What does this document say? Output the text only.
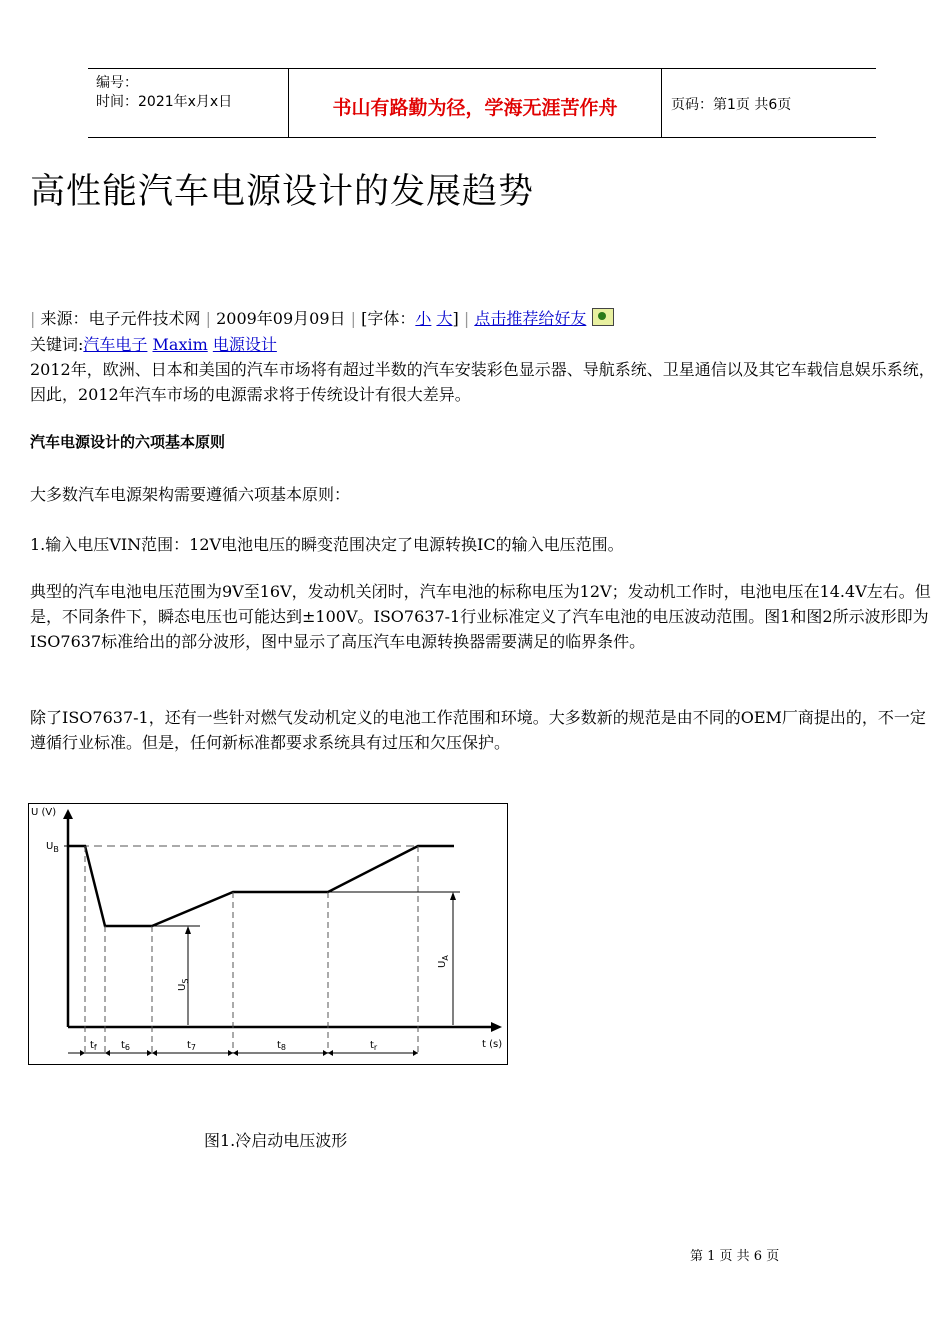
编号：
时间：2021年x月x日	书山有路勤为径，学海无涯苦作舟	页码：第1页 共6页
高性能汽车电源设计的发展趋势
| 来源：电子元件技术网 | 2009年09月09日 | [字体：小 大] | 点击推荐给好友
关键词:汽车电子 Maxim 电源设计

2012年，欧洲、日本和美国的汽车市场将有超过半数的汽车安装彩色显示器、导航系统、卫星通信以及其它车载信息娱乐系统，因此，2012年汽车市场的电源需求将于传统设计有很大差异。

汽车电源设计的六项基本原则

大多数汽车电源架构需要遵循六项基本原则：

1.输入电压VIN范围：12V电池电压的瞬变范围决定了电源转换IC的输入电压范围。

典型的汽车电池电压范围为9V至16V，发动机关闭时，汽车电池的标称电压为12V；发动机工作时，电池电压在14.4V左右。但是，不同条件下，瞬态电压也可能达到±100V。ISO7637-1行业标准定义了汽车电池的电压波动范围。图1和图2所示波形即为ISO7637标准给出的部分波形，图中显示了高压汽车电源转换器需要满足的临界条件。

除了ISO7637-1，还有一些针对燃气发动机定义的电池工作范围和环境。大多数新的规范是由不同的OEM厂商提出的，不一定遵循行业标准。但是，任何新标准都要求系统具有过压和欠压保护。

U (V)
t (s)
$U_B$
$U_S$
$U_A$
$t_f$ $t_6$	$t_7$	$t_8$	$t_r$
图1.冷启动电压波形
第 1 页 共 6 页
